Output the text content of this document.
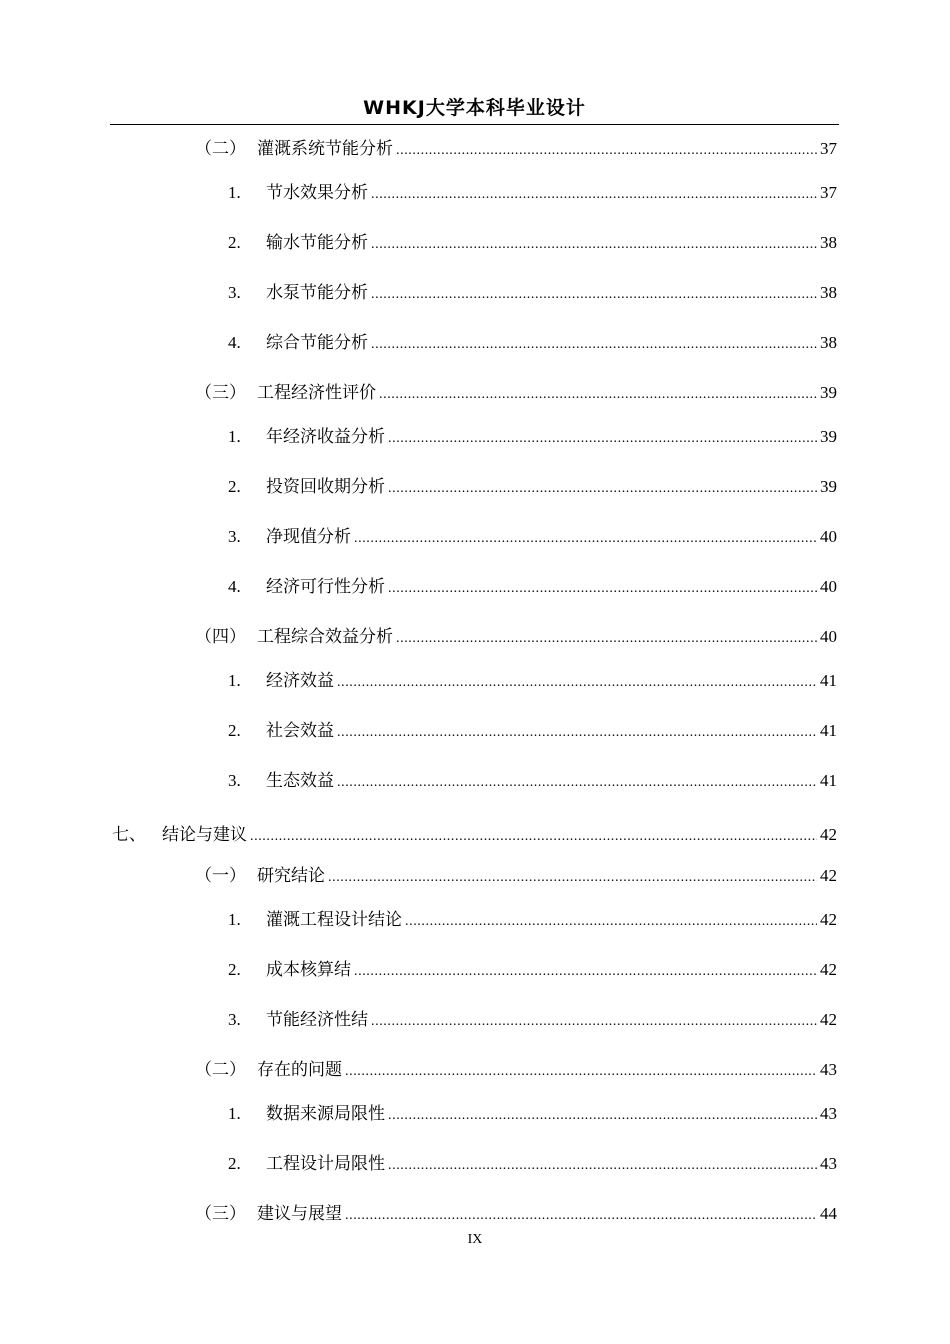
WHKJ大学本科毕业设计
（二） 灌溉系统节能分析 .....	37
1.	节水效果分析 .....	37
2.	输水节能分析 .....	38
3.	水泵节能分析 .....	38
4.	综合节能分析 .....	38
（三） 工程经济性评价 .....	39
1.	年经济收益分析 .....	39
2.	投资回收期分析 .....	39
3.	净现值分析 .....	40
4.	经济可行性分析 .....	40
（四） 工程综合效益分析 .....	40
1.	经济效益 .....	41
2.	社会效益 .....	41
3.	生态效益 .....	41
七、 结论与建议 .....	42
（一） 研究结论 .....	42
1.	灌溉工程设计结论 .....	42
2.	成本核算结 .....	42
3.	节能经济性结 .....	42
（二） 存在的问题 .....	43
1.	数据来源局限性 .....	43
2.	工程设计局限性 .....	43
（三） 建议与展望 .....	44
IX
